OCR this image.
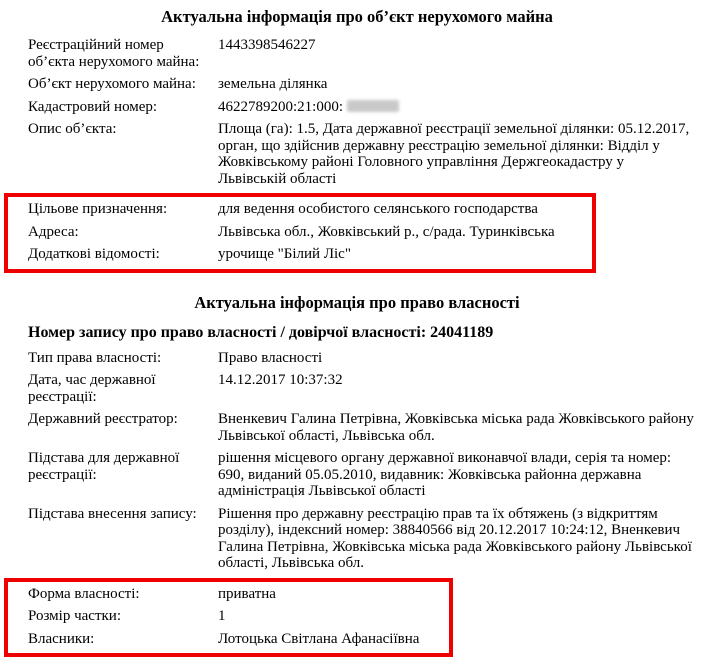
Актуальна інформація про об’єкт нерухомого майна
Реєстраційний номер об’єкта нерухомого майна:
1443398546227
Об’єкт нерухомого майна:	земельна ділянка
Кадастровий номер:	4622789200:21:000:
Опис об’єкта:	Площа (га): 1.5, Дата державної реєстрації земельної ділянки: 05.12.2017, орган, що здійснив державну реєстрацію земельної ділянки: Відділ у Жовківському районі Головного управління Держгеокадастру у Львівській області
Цільове призначення:	для ведення особистого селянського господарства
Адреса:	Львівська обл., Жовківський р., с/рада. Туринківська
Додаткові відомості:	урочище "Білий Ліс"
Актуальна інформація про право власності
Номер запису про право власності / довірчої власності: 24041189
Тип права власності:	Право власності
Дата, час державної реєстрації:
14.12.2017 10:37:32
Державний реєстратор:	Вненкевич Галина Петрівна, Жовківська міська рада Жовківського району Львівської області, Львівська обл.
Підстава для державної реєстрації:
рішення місцевого органу державної виконавчої влади, серія та номер: 690, виданий 05.05.2010, видавник: Жовківська районна державна адміністрація Львівської області
Підстава внесення запису:	Рішення про державну реєстрацію прав та їх обтяжень (з відкриттям розділу), індексний номер: 38840566 від 20.12.2017 10:24:12, Вненкевич Галина Петрівна, Жовківська міська рада Жовківського району Львівської області, Львівська обл.
Форма власності:	приватна
Розмір частки:	1
Власники:	Лотоцька Світлана Афанасіївна
